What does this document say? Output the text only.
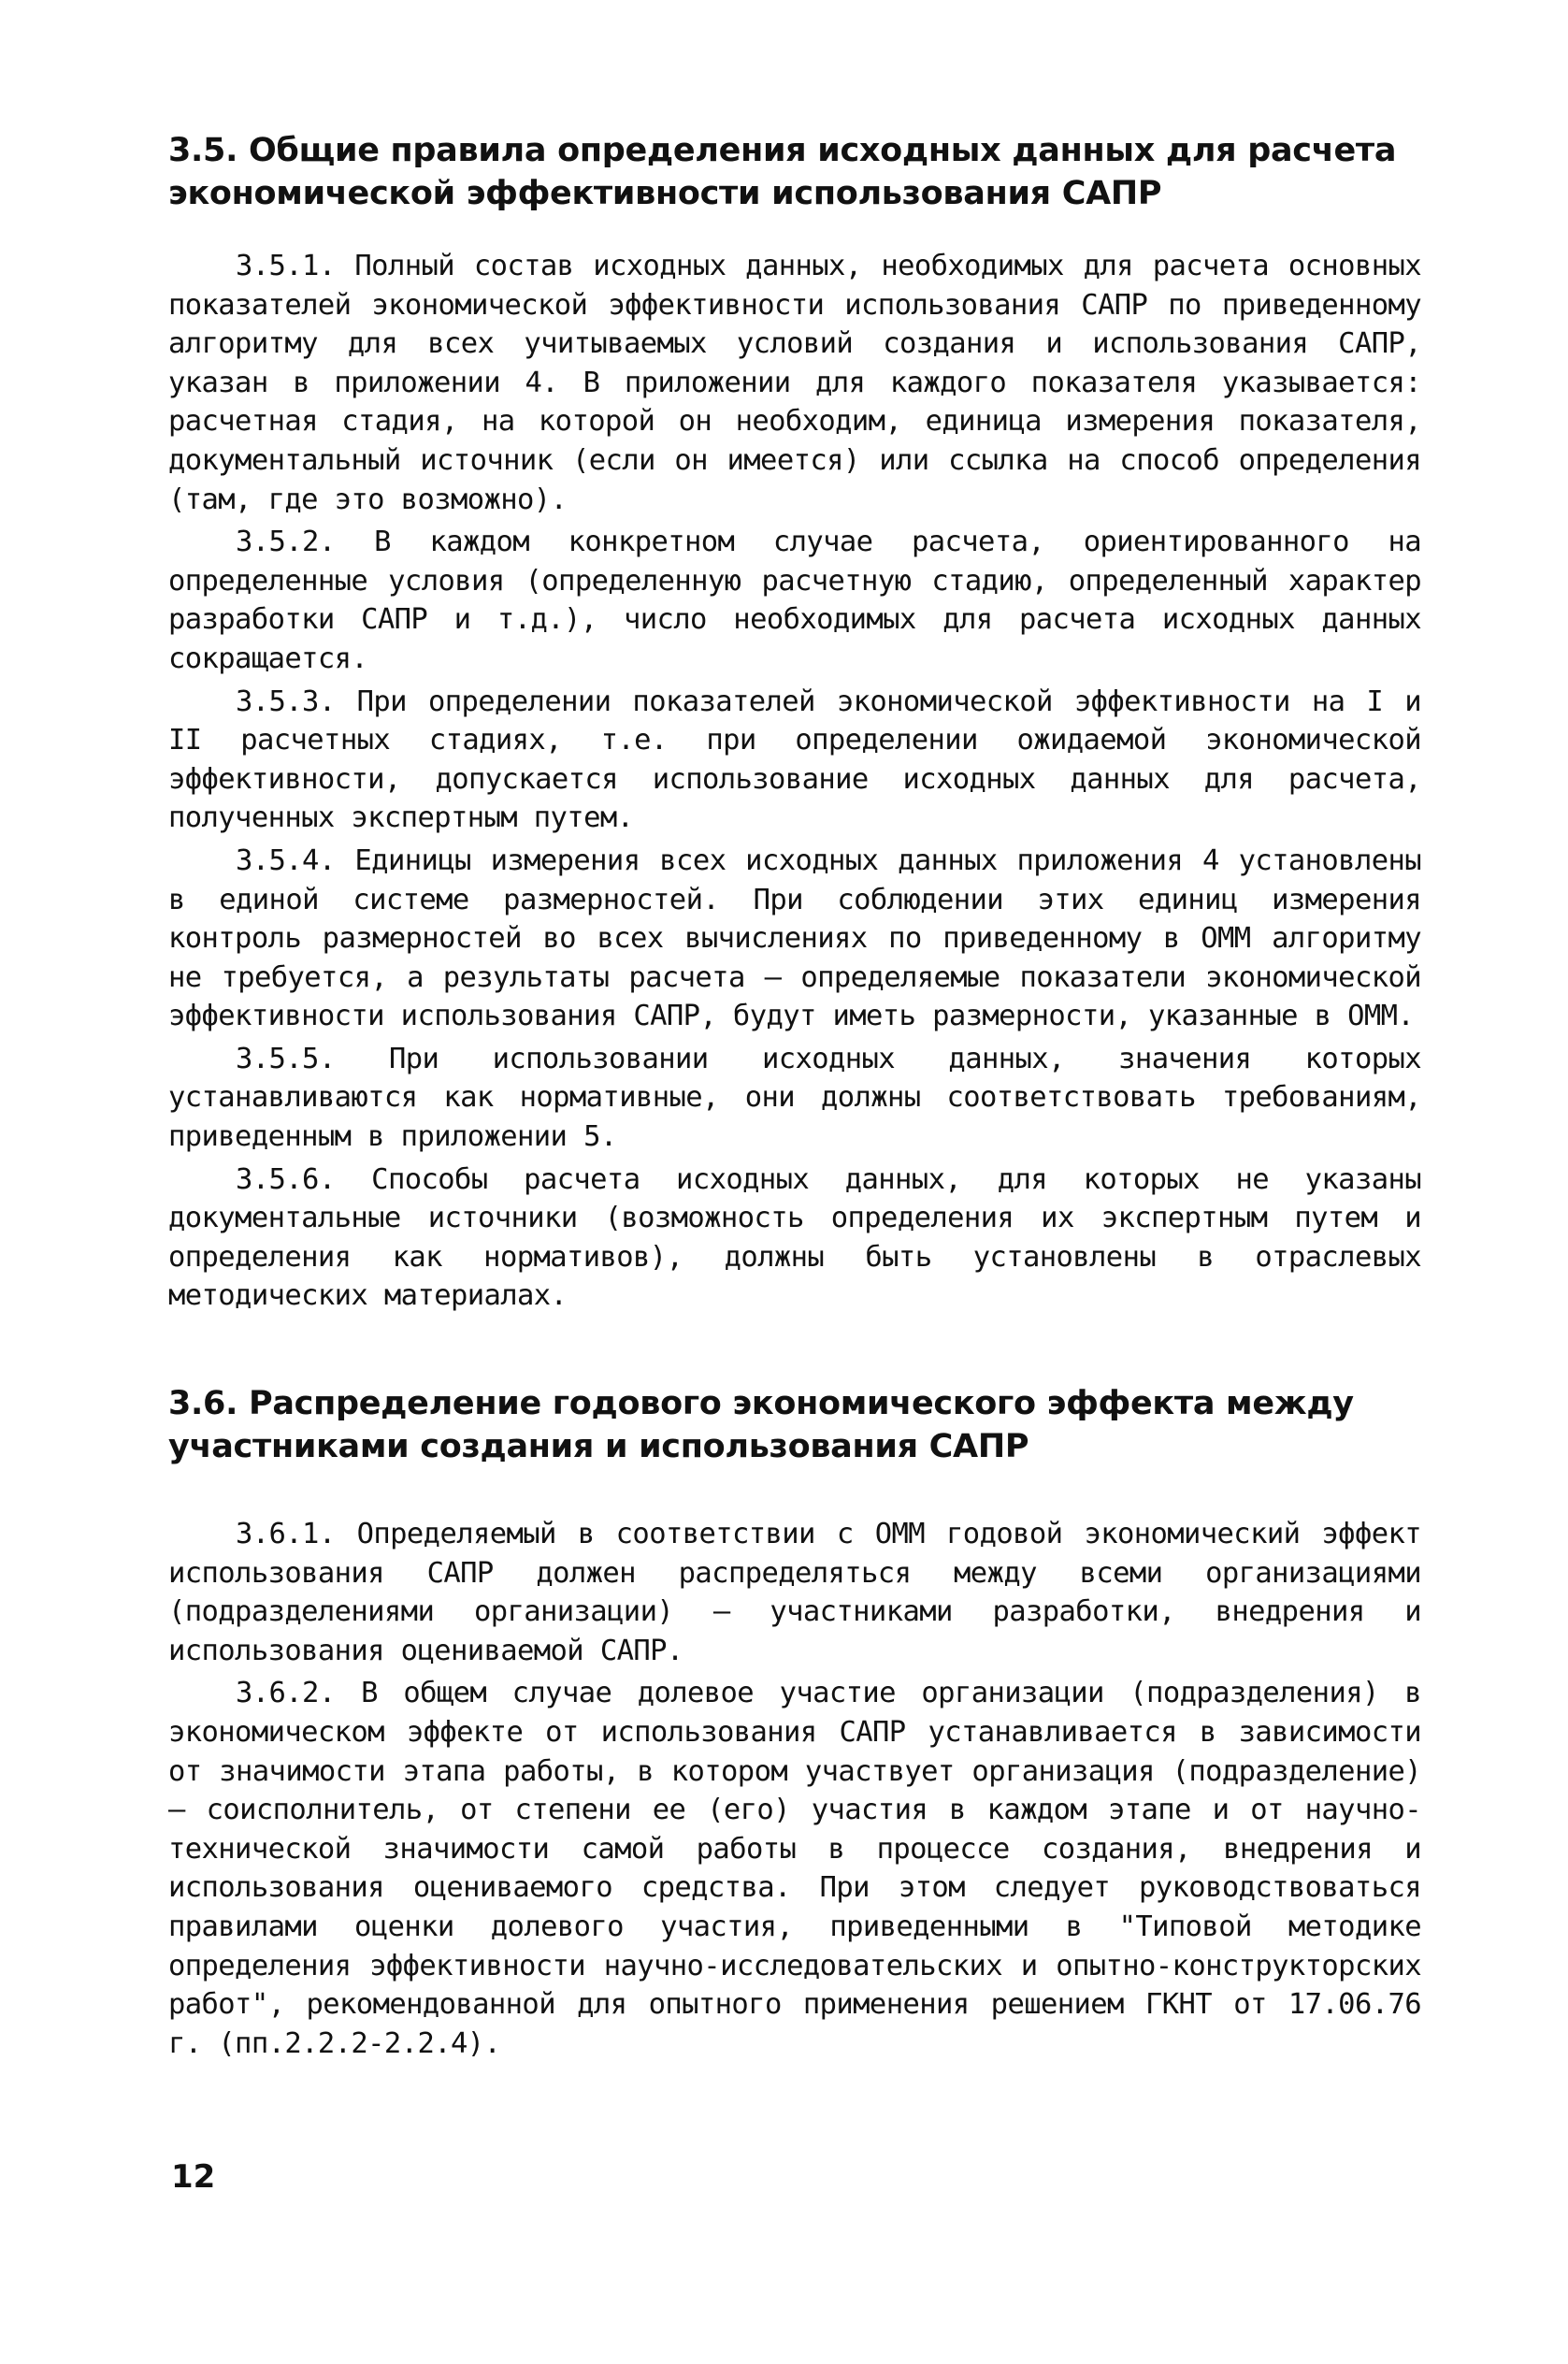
3.5. Общие правила определения исходных данных для расчета экономической эффективности использования САПР

3.5.1. Полный состав исходных данных, необходимых для расчета основных показателей экономической эффективности использования САПР по приведенному алгоритму для всех учитываемых условий создания и использования САПР, указан в приложении 4. В приложении для каждого показателя указывается: расчетная стадия, на которой он необходим, единица измерения показателя, документальный источник (если он имеется) или ссылка на способ определения (там, где это возможно).

3.5.2. В каждом конкретном случае расчета, ориентированного на определенные условия (определенную расчетную стадию, определенный характер разработки САПР и т.д.), число необходимых для расчета исходных данных сокращается.

3.5.3. При определении показателей экономической эффективности на I и II расчетных стадиях, т.е. при определении ожидаемой экономической эффективности, допускается использование исходных данных для расчета, полученных экспертным путем.

3.5.4. Единицы измерения всех исходных данных приложения 4 установлены в единой системе размерностей. При соблюдении этих единиц измерения контроль размерностей во всех вычислениях по приведенному в ОММ алгоритму не требуется, а результаты расчета – определяемые показатели экономической эффективности использования САПР, будут иметь размерности, указанные в ОММ.

3.5.5. При использовании исходных данных, значения которых устанавливаются как нормативные, они должны соответствовать требованиям, приведенным в приложении 5.

3.5.6. Способы расчета исходных данных, для которых не указаны документальные источники (возможность определения их экспертным путем и определения как нормативов), должны быть установлены в отраслевых методических материалах.

3.6. Распределение годового экономического эффекта между участниками создания и использования САПР

3.6.1. Определяемый в соответствии с ОММ годовой экономический эффект использования САПР должен распределяться между всеми организациями (подразделениями организации) – участниками разработки, внедрения и использования оцениваемой САПР.

3.6.2. В общем случае долевое участие организации (подразделения) в экономическом эффекте от использования САПР устанавливается в зависимости от значимости этапа работы, в котором участвует организация (подразделение) – соисполнитель, от степени ее (его) участия в каждом этапе и от научно-технической значимости самой работы в процессе создания, внедрения и использования оцениваемого средства. При этом следует руководствоваться правилами оценки долевого участия, приведенными в "Типовой методике определения эффективности научно-исследовательских и опытно-конструкторских работ", рекомендованной для опытного применения решением ГКНТ от 17.06.76 г. (пп.2.2.2-2.2.4).

12
